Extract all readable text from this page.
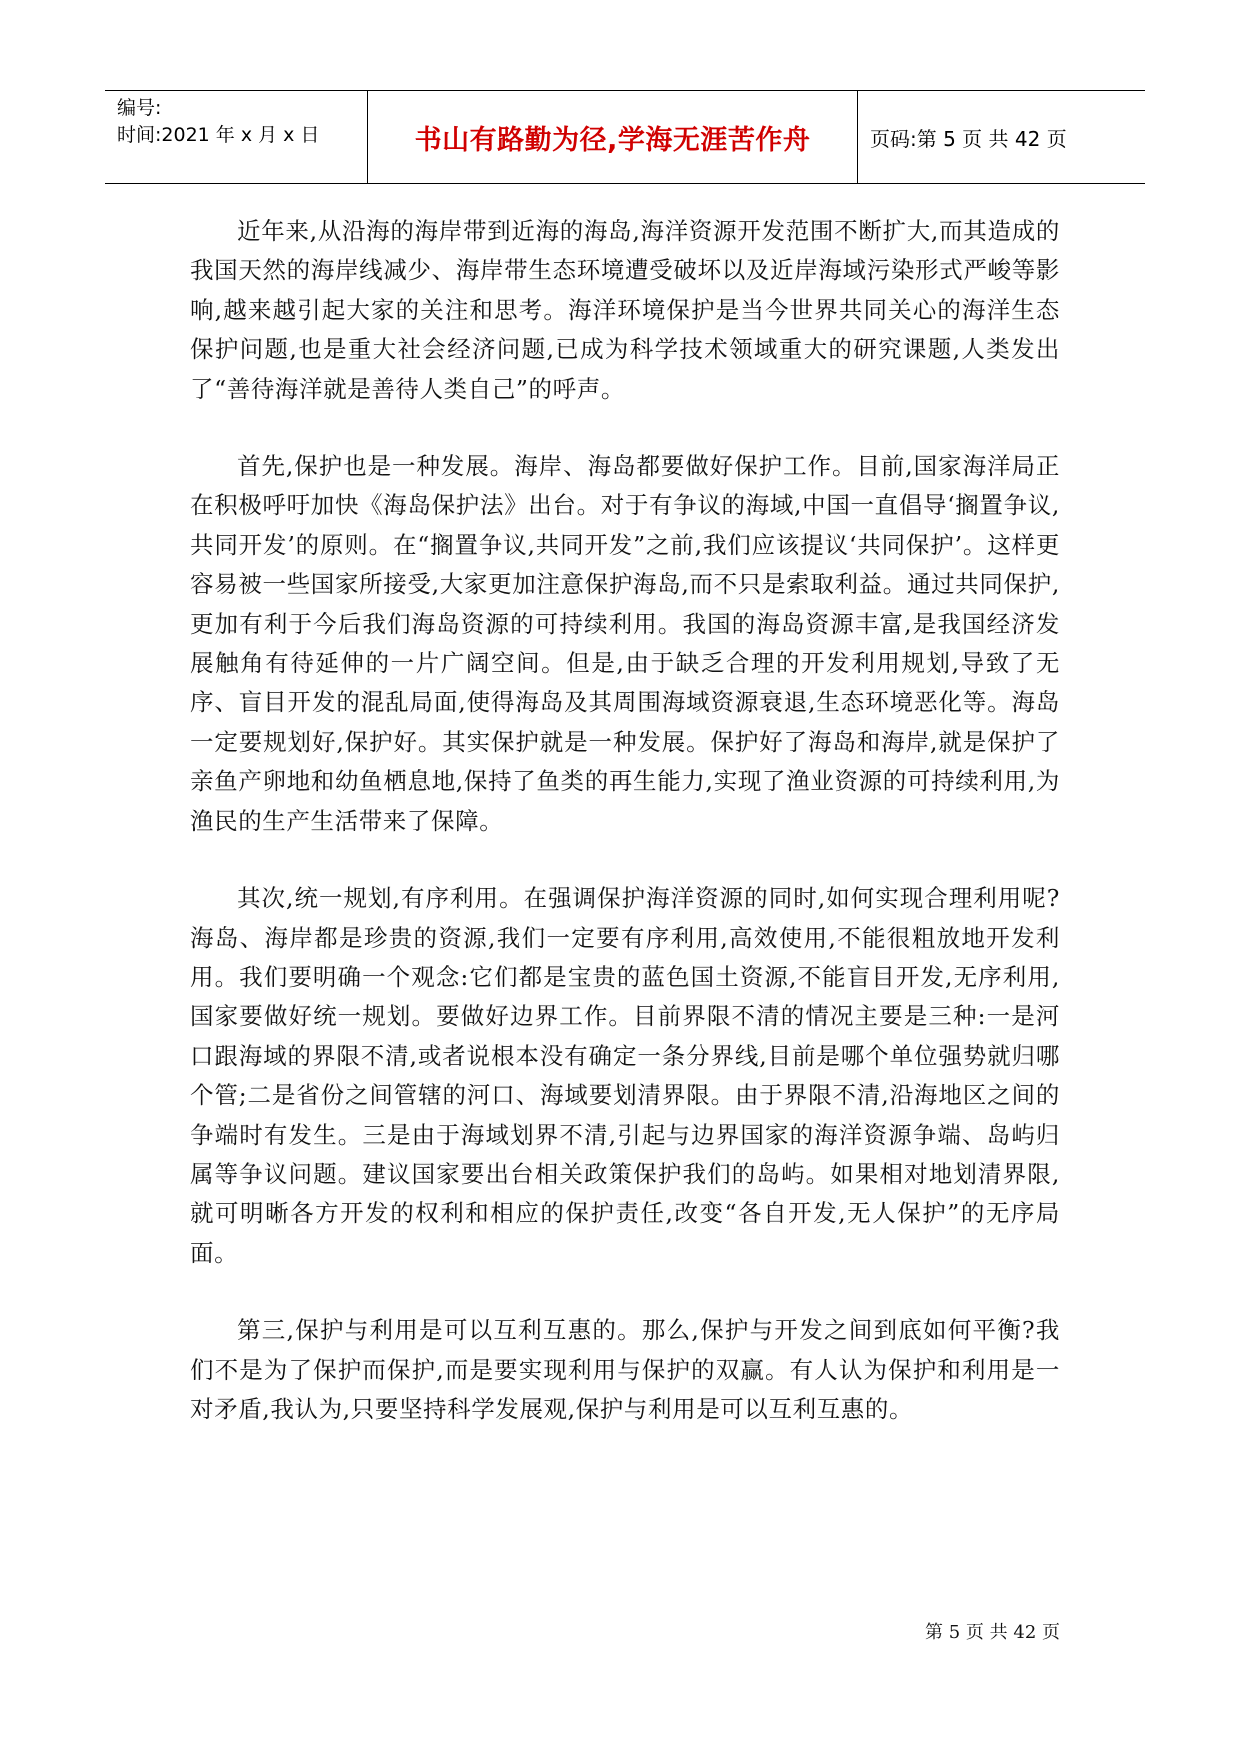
编号:
时间:2021 年 x 月 x 日	书山有路勤为径,学海无涯苦作舟	页码:第 5 页 共 42 页

近年来,从沿海的海岸带到近海的海岛,海洋资源开发范围不断扩大,而其造成的我国天然的海岸线减少、海岸带生态环境遭受破坏以及近岸海域污染形式严峻等影响,越来越引起大家的关注和思考。海洋环境保护是当今世界共同关心的海洋生态保护问题,也是重大社会经济问题,已成为科学技术领域重大的研究课题,人类发出了“善待海洋就是善待人类自己”的呼声。

首先,保护也是一种发展。海岸、海岛都要做好保护工作。目前,国家海洋局正在积极呼吁加快《海岛保护法》出台。对于有争议的海域,中国一直倡导‘搁置争议,共同开发’的原则。在“搁置争议,共同开发”之前,我们应该提议‘共同保护’。这样更容易被一些国家所接受,大家更加注意保护海岛,而不只是索取利益。通过共同保护,更加有利于今后我们海岛资源的可持续利用。我国的海岛资源丰富,是我国经济发展触角有待延伸的一片广阔空间。但是,由于缺乏合理的开发利用规划,导致了无序、盲目开发的混乱局面,使得海岛及其周围海域资源衰退,生态环境恶化等。海岛一定要规划好,保护好。其实保护就是一种发展。保护好了海岛和海岸,就是保护了亲鱼产卵地和幼鱼栖息地,保持了鱼类的再生能力,实现了渔业资源的可持续利用,为渔民的生产生活带来了保障。

其次,统一规划,有序利用。在强调保护海洋资源的同时,如何实现合理利用呢?海岛、海岸都是珍贵的资源,我们一定要有序利用,高效使用,不能很粗放地开发利用。我们要明确一个观念:它们都是宝贵的蓝色国土资源,不能盲目开发,无序利用,国家要做好统一规划。要做好边界工作。目前界限不清的情况主要是三种:一是河口跟海域的界限不清,或者说根本没有确定一条分界线,目前是哪个单位强势就归哪个管;二是省份之间管辖的河口、海域要划清界限。由于界限不清,沿海地区之间的争端时有发生。三是由于海域划界不清,引起与边界国家的海洋资源争端、岛屿归属等争议问题。建议国家要出台相关政策保护我们的岛屿。如果相对地划清界限,就可明晰各方开发的权利和相应的保护责任,改变“各自开发,无人保护”的无序局面。

第三,保护与利用是可以互利互惠的。那么,保护与开发之间到底如何平衡?我们不是为了保护而保护,而是要实现利用与保护的双赢。有人认为保护和利用是一对矛盾,我认为,只要坚持科学发展观,保护与利用是可以互利互惠的。

第 5 页 共 42 页
